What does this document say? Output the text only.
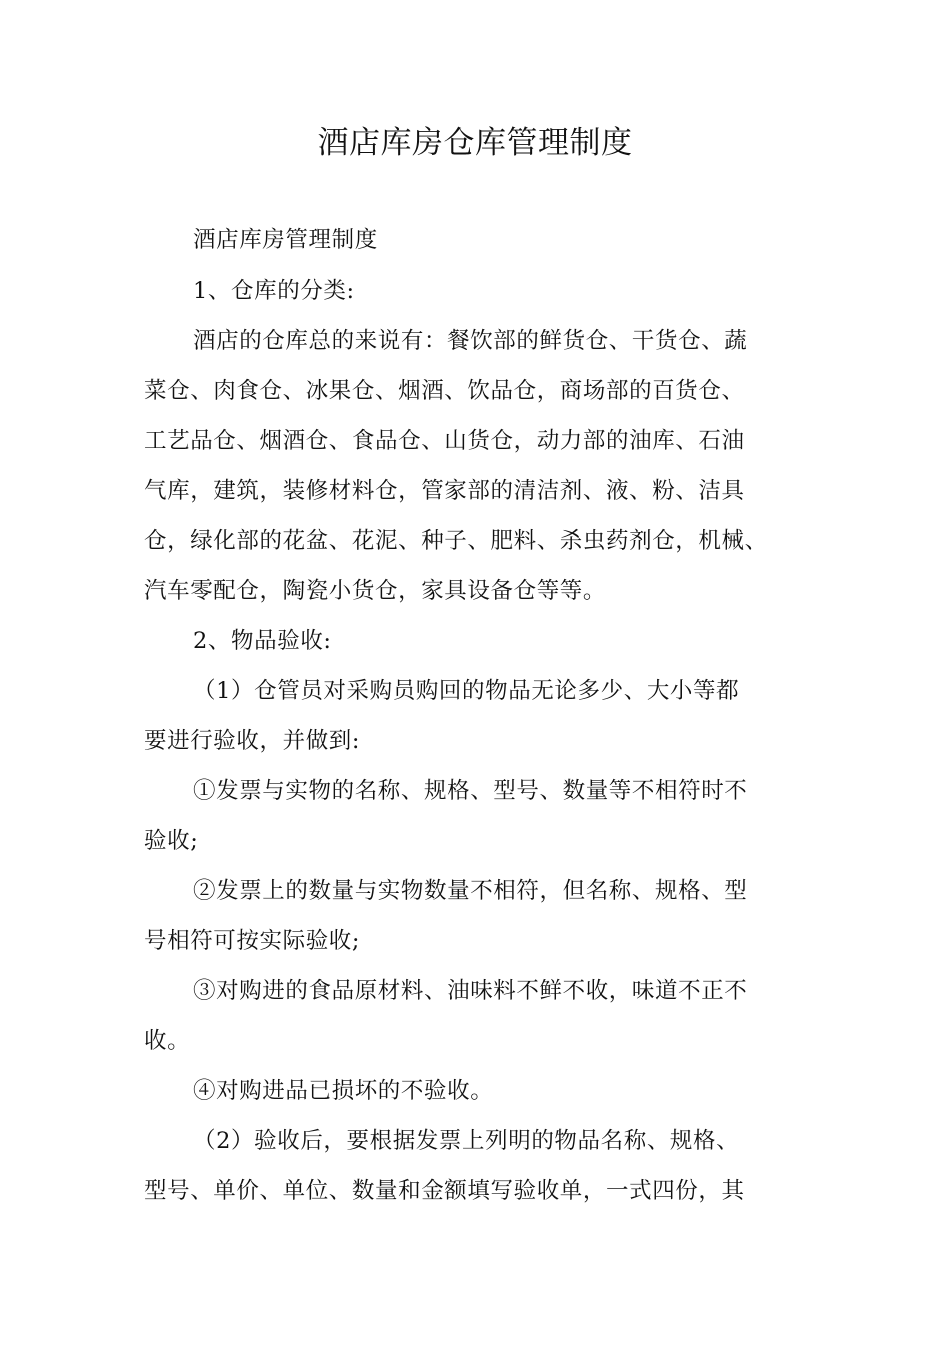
酒店库房仓库管理制度
酒店库房管理制度
1、仓库的分类:
酒店的仓库总的来说有：餐饮部的鲜货仓、干货仓、蔬
菜仓、肉食仓、冰果仓、烟酒、饮品仓，商场部的百货仓、
工艺品仓、烟酒仓、食品仓、山货仓，动力部的油库、石油
气库，建筑，装修材料仓，管家部的清洁剂、液、粉、洁具
仓，绿化部的花盆、花泥、种子、肥料、杀虫药剂仓，机械、
汽车零配仓，陶瓷小货仓，家具设备仓等等。
2、物品验收:
（1）仓管员对采购员购回的物品无论多少、大小等都
要进行验收，并做到:
①发票与实物的名称、规格、型号、数量等不相符时不
验收;
②发票上的数量与实物数量不相符，但名称、规格、型
号相符可按实际验收;
③对购进的食品原材料、油味料不鲜不收，味道不正不
收。
④对购进品已损坏的不验收。
（2）验收后，要根据发票上列明的物品名称、规格、
型号、单价、单位、数量和金额填写验收单，一式四份，其
